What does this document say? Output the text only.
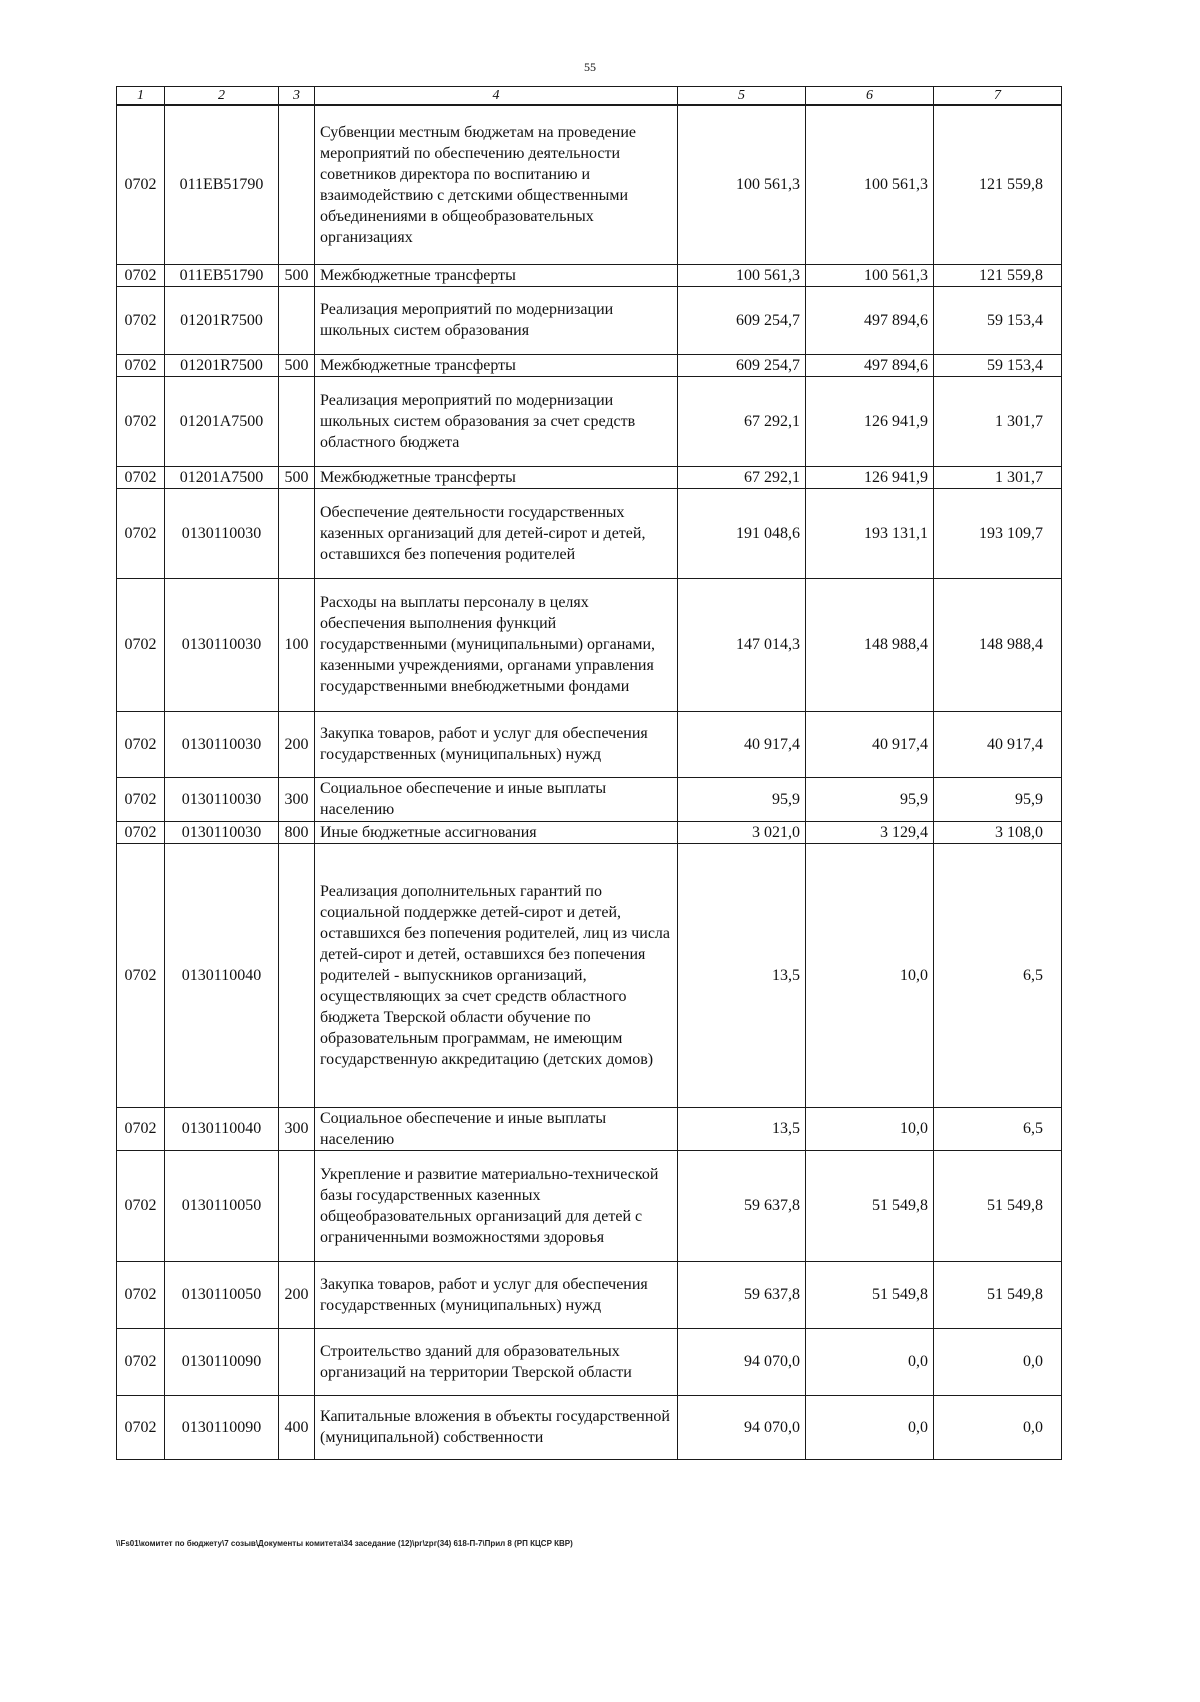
55
1	2	3	4	5	6	7
0702	011EB51790		Субвенции местным бюджетам на проведение мероприятий по обеспечению деятельности советников директора по воспитанию и взаимодействию с детскими общественными объединениями в общеобразовательных организациях	100 561,3	100 561,3	121 559,8
0702	011EB51790	500	Межбюджетные трансферты	100 561,3	100 561,3	121 559,8
0702	01201R7500		Реализация мероприятий по модернизации школьных систем образования	609 254,7	497 894,6	59 153,4
0702	01201R7500	500	Межбюджетные трансферты	609 254,7	497 894,6	59 153,4
0702	01201A7500		Реализация мероприятий по модернизации школьных систем образования за счет средств областного бюджета	67 292,1	126 941,9	1 301,7
0702	01201A7500	500	Межбюджетные трансферты	67 292,1	126 941,9	1 301,7
0702	0130110030		Обеспечение деятельности государственных казенных организаций для детей-сирот и детей, оставшихся без попечения родителей	191 048,6	193 131,1	193 109,7
0702	0130110030	100	Расходы на выплаты персоналу в целях обеспечения выполнения функций государственными (муниципальными) органами, казенными учреждениями, органами управления государственными внебюджетными фондами	147 014,3	148 988,4	148 988,4
0702	0130110030	200	Закупка товаров, работ и услуг для обеспечения государственных (муниципальных) нужд	40 917,4	40 917,4	40 917,4
0702	0130110030	300	Социальное обеспечение и иные выплаты населению	95,9	95,9	95,9
0702	0130110030	800	Иные бюджетные ассигнования	3 021,0	3 129,4	3 108,0
0702	0130110040		Реализация дополнительных гарантий по социальной поддержке детей-сирот и детей, оставшихся без попечения родителей, лиц из числа детей-сирот и детей, оставшихся без попечения родителей - выпускников организаций, осуществляющих за счет средств областного бюджета Тверской области обучение по образовательным программам, не имеющим государственную аккредитацию (детских домов)	13,5	10,0	6,5
0702	0130110040	300	Социальное обеспечение и иные выплаты населению	13,5	10,0	6,5
0702	0130110050		Укрепление и развитие материально-технической базы государственных казенных общеобразовательных организаций для детей с ограниченными возможностями здоровья	59 637,8	51 549,8	51 549,8
0702	0130110050	200	Закупка товаров, работ и услуг для обеспечения государственных (муниципальных) нужд	59 637,8	51 549,8	51 549,8
0702	0130110090		Строительство зданий для образовательных организаций на территории Тверской области	94 070,0	0,0	0,0
0702	0130110090	400	Капитальные вложения в объекты государственной (муниципальной) собственности	94 070,0	0,0	0,0
\\Fs01\комитет по бюджету\7 созыв\Документы комитета\34 заседание (12)\рг\zрг(34) 618-П-7\Прил 8 (РП КЦСР КВР)
